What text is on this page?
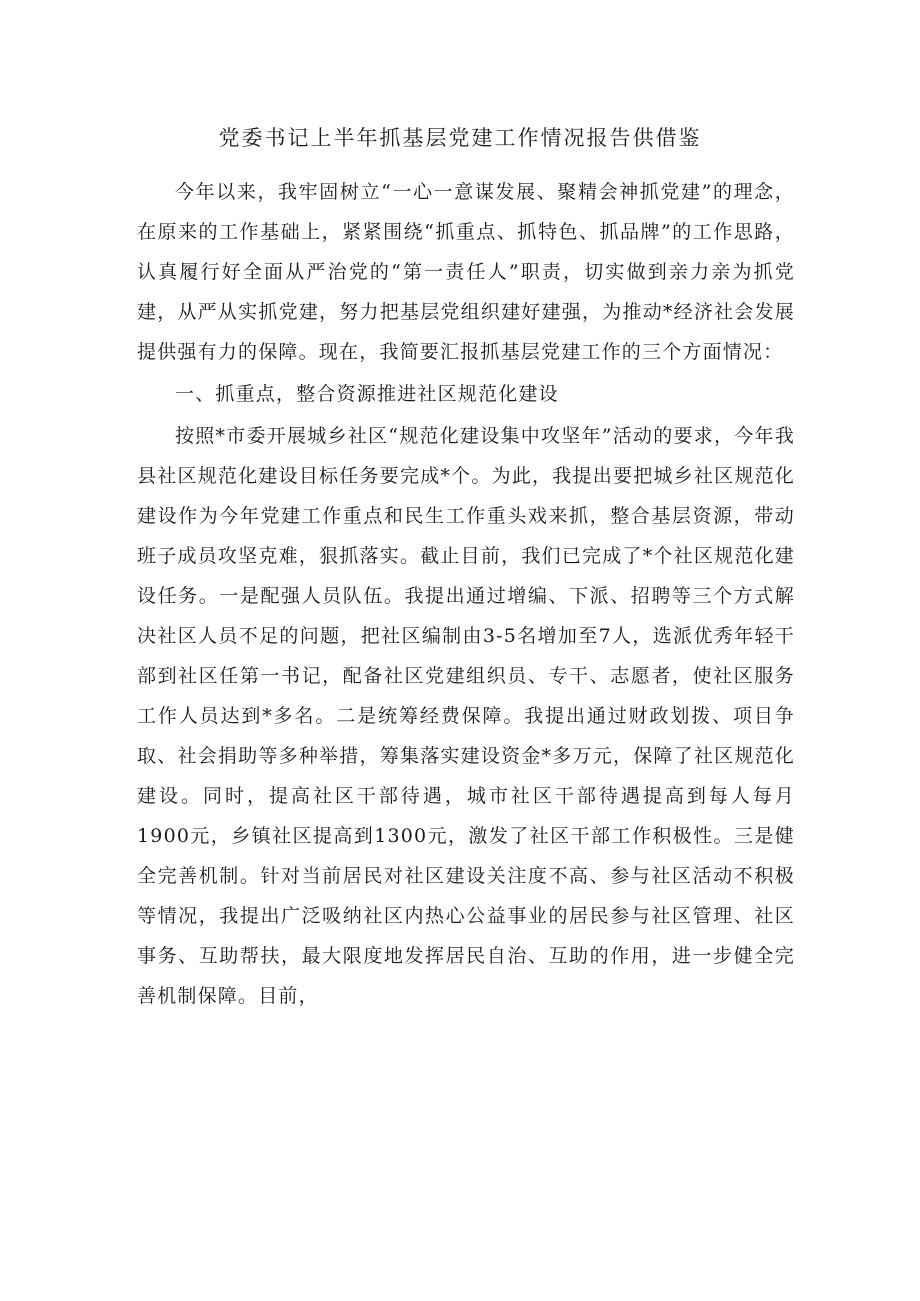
党委书记上半年抓基层党建工作情况报告供借鉴

今年以来，我牢固树立“一心一意谋发展、聚精会神抓党建”的理念，在原来的工作基础上，紧紧围绕“抓重点、抓特色、抓品牌”的工作思路，认真履行好全面从严治党的“第一责任人”职责，切实做到亲力亲为抓党建，从严从实抓党建，努力把基层党组织建好建强，为推动*经济社会发展提供强有力的保障。现在，我简要汇报抓基层党建工作的三个方面情况：

一、抓重点，整合资源推进社区规范化建设

按照*市委开展城乡社区“规范化建设集中攻坚年”活动的要求，今年我县社区规范化建设目标任务要完成*个。为此，我提出要把城乡社区规范化建设作为今年党建工作重点和民生工作重头戏来抓，整合基层资源，带动班子成员攻坚克难，狠抓落实。截止目前，我们已完成了*个社区规范化建设任务。一是配强人员队伍。我提出通过增编、下派、招聘等三个方式解决社区人员不足的问题，把社区编制由3-5名增加至7人，选派优秀年轻干部到社区任第一书记，配备社区党建组织员、专干、志愿者，使社区服务工作人员达到*多名。二是统筹经费保障。我提出通过财政划拨、项目争取、社会捐助等多种举措，筹集落实建设资金*多万元，保障了社区规范化建设。同时，提高社区干部待遇，城市社区干部待遇提高到每人每月1900元，乡镇社区提高到1300元，激发了社区干部工作积极性。三是健全完善机制。针对当前居民对社区建设关注度不高、参与社区活动不积极等情况，我提出广泛吸纳社区内热心公益事业的居民参与社区管理、社区事务、互助帮扶，最大限度地发挥居民自治、互助的作用，进一步健全完善机制保障。目前，
